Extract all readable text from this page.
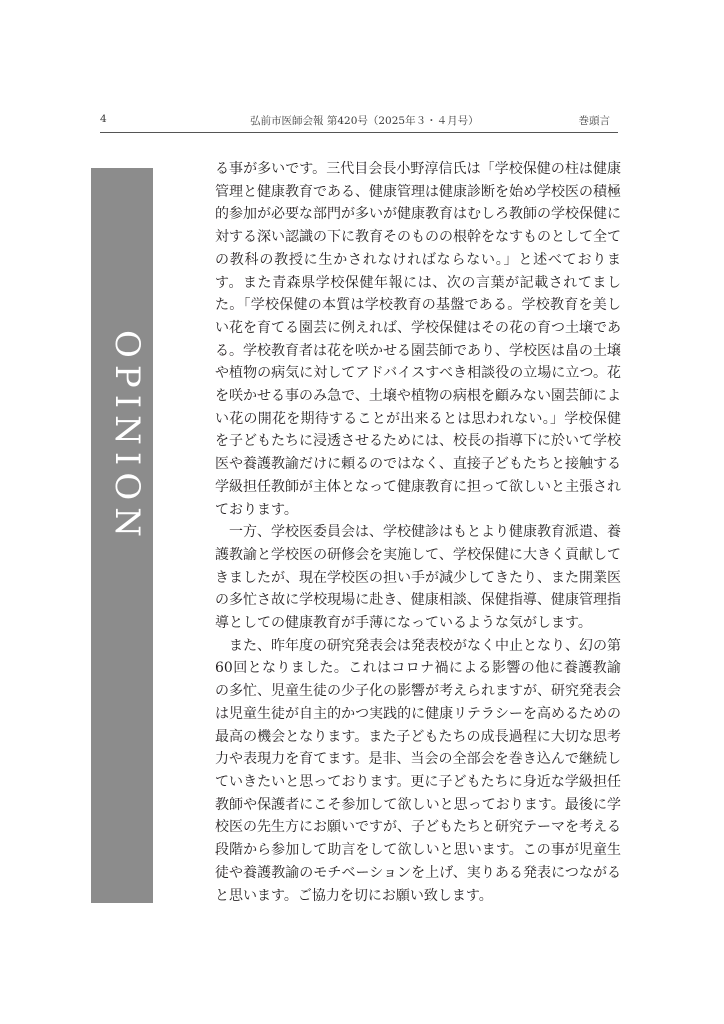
4	弘前市医師会報 第420号（2025年３・４月号）	巻頭言
OPINION

る事が多いです。三代目会長小野淳信氏は「学校保健の柱は健康管理と健康教育である、健康管理は健康診断を始め学校医の積極的参加が必要な部門が多いが健康教育はむしろ教師の学校保健に対する深い認識の下に教育そのものの根幹をなすものとして全ての教科の教授に生かされなければならない。」と述べております。また青森県学校保健年報には、次の言葉が記載されてました。「学校保健の本質は学校教育の基盤である。学校教育を美しい花を育てる園芸に例えれば、学校保健はその花の育つ土壌である。学校教育者は花を咲かせる園芸師であり、学校医は畠の土壌や植物の病気に対してアドバイスすべき相談役の立場に立つ。花を咲かせる事のみ急で、土壌や植物の病根を顧みない園芸師によい花の開花を期待することが出来るとは思われない。」学校保健を子どもたちに浸透させるためには、校長の指導下に於いて学校医や養護教諭だけに頼るのではなく、直接子どもたちと接触する学級担任教師が主体となって健康教育に担って欲しいと主張されております。

一方、学校医委員会は、学校健診はもとより健康教育派遣、養護教諭と学校医の研修会を実施して、学校保健に大きく貢献してきましたが、現在学校医の担い手が減少してきたり、また開業医の多忙さ故に学校現場に赴き、健康相談、保健指導、健康管理指導としての健康教育が手薄になっているような気がします。

また、昨年度の研究発表会は発表校がなく中止となり、幻の第60回となりました。これはコロナ禍による影響の他に養護教諭の多忙、児童生徒の少子化の影響が考えられますが、研究発表会は児童生徒が自主的かつ実践的に健康リテラシーを高めるための最高の機会となります。また子どもたちの成長過程に大切な思考力や表現力を育てます。是非、当会の全部会を巻き込んで継続していきたいと思っております。更に子どもたちに身近な学級担任教師や保護者にこそ参加して欲しいと思っております。最後に学校医の先生方にお願いですが、子どもたちと研究テーマを考える段階から参加して助言をして欲しいと思います。この事が児童生徒や養護教諭のモチベーションを上げ、実りある発表につながると思います。ご協力を切にお願い致します。
